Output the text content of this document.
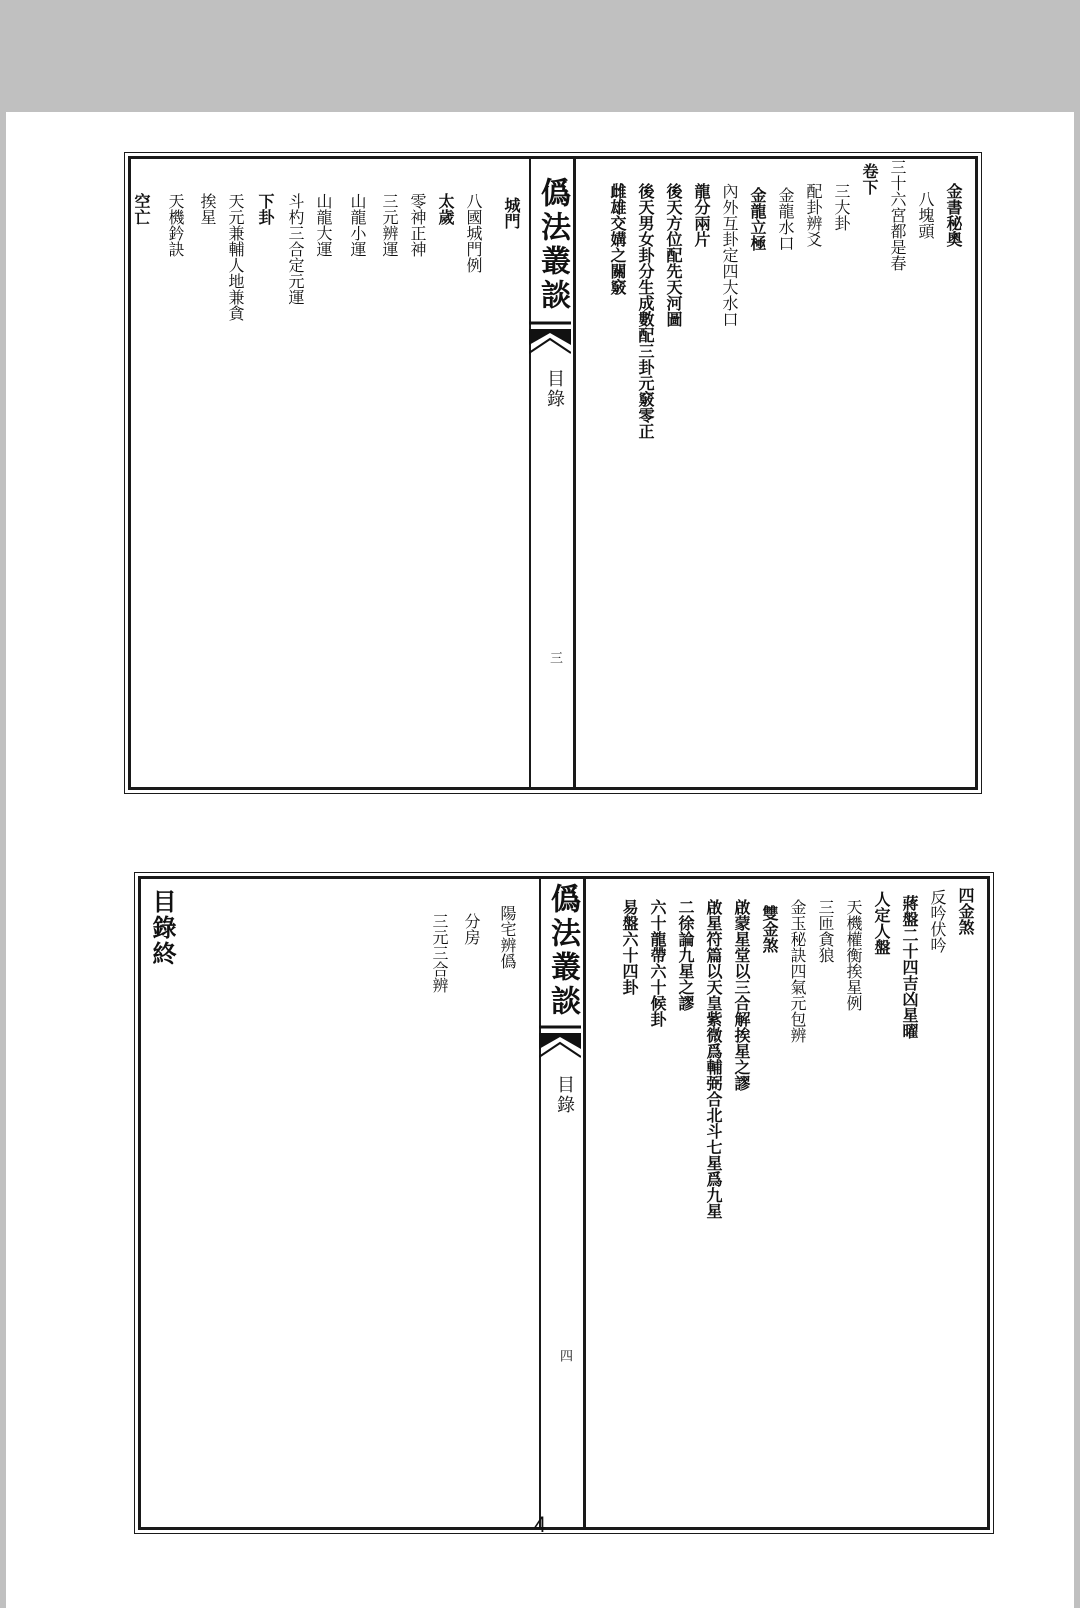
金書秘奧
八塊頭
三十六宮都是春
卷下
三大卦
配卦辨爻
金龍水口
金龍立極
內外互卦定四大水口
龍分兩片
後天方位配先天河圖
後天男女卦分生成數配三卦元竅零正
雌雄交媾之關竅
僞法叢談
目錄
三
城門
八國城門例
太歲
零神正神
三元辨運
山龍小運
山龍大運
斗杓三合定元運
下卦
天元兼輔人地兼貪
挨星
天機鈐訣
空亡
四金煞
反吟伏吟
蔣盤二十四吉凶星曜
人定人盤
天機權衡挨星例
三匝貪狼
金玉秘訣四氣元包辨
雙金煞
啟蒙星堂以三合解挨星之謬
啟星符篇以天皇紫微爲輔弼合北斗七星爲九星
二徐論九星之謬
六十龍帶六十候卦
易盤六十四卦
僞法叢談
目錄
四
陽宅辨僞
分房
三元三合辨
目錄終
4
